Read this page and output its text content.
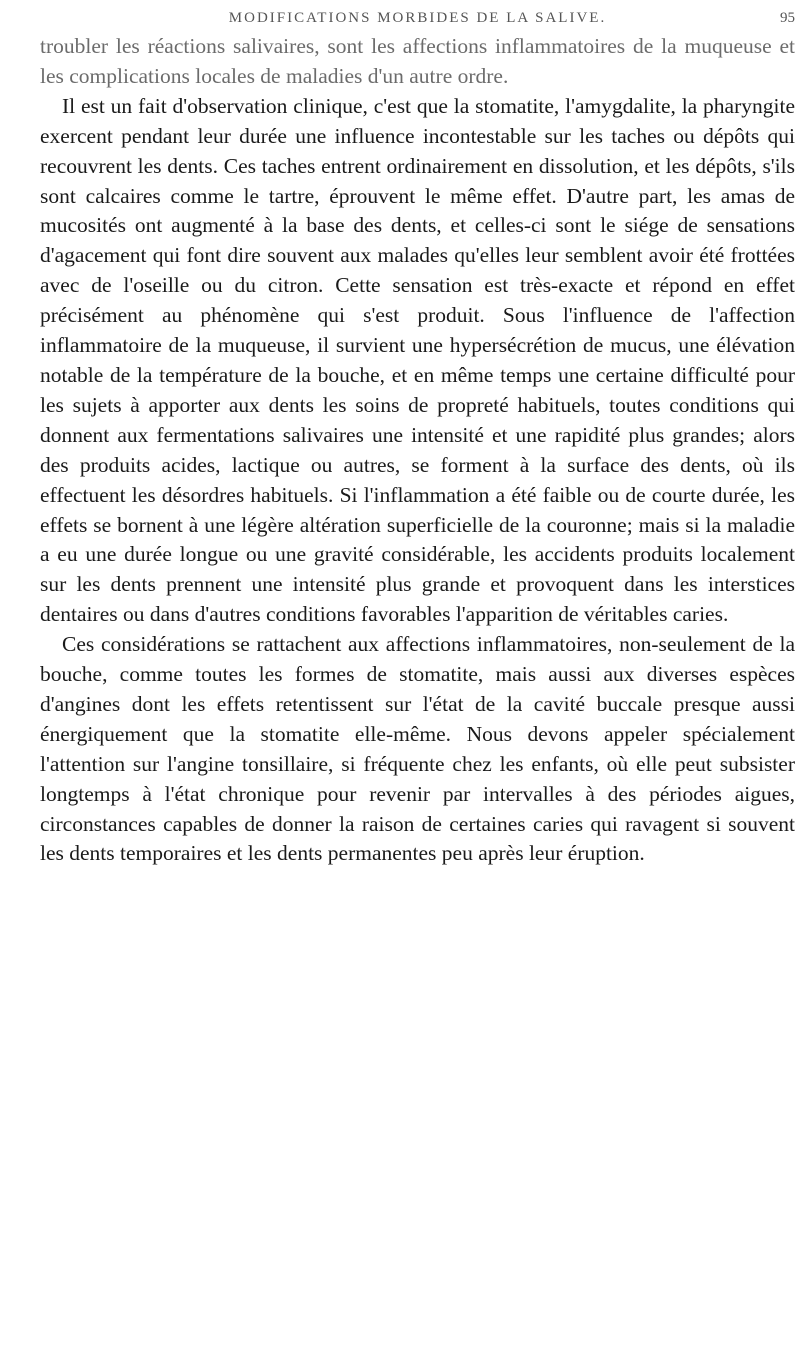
MODIFICATIONS MORBIDES DE LA SALIVE.	95

troubler les réactions salivaires, sont les affections inflammatoires de la muqueuse et les complications locales de maladies d'un autre ordre.

Il est un fait d'observation clinique, c'est que la stomatite, l'amygdalite, la pharyngite exercent pendant leur durée une influence incontestable sur les taches ou dépôts qui recouvrent les dents. Ces taches entrent ordinairement en dissolution, et les dépôts, s'ils sont calcaires comme le tartre, éprouvent le même effet. D'autre part, les amas de mucosités ont augmenté à la base des dents, et celles-ci sont le siége de sensations d'agacement qui font dire souvent aux malades qu'elles leur semblent avoir été frottées avec de l'oseille ou du citron. Cette sensation est très-exacte et répond en effet précisément au phénomène qui s'est produit. Sous l'influence de l'affection inflammatoire de la muqueuse, il survient une hypersécrétion de mucus, une élévation notable de la température de la bouche, et en même temps une certaine difficulté pour les sujets à apporter aux dents les soins de propreté habituels, toutes conditions qui donnent aux fermentations salivaires une intensité et une rapidité plus grandes; alors des produits acides, lactique ou autres, se forment à la surface des dents, où ils effectuent les désordres habituels. Si l'inflammation a été faible ou de courte durée, les effets se bornent à une légère altération superficielle de la couronne; mais si la maladie a eu une durée longue ou une gravité considérable, les accidents produits localement sur les dents prennent une intensité plus grande et provoquent dans les interstices dentaires ou dans d'autres conditions favorables l'apparition de véritables caries.

Ces considérations se rattachent aux affections inflammatoires, non-seulement de la bouche, comme toutes les formes de stomatite, mais aussi aux diverses espèces d'angines dont les effets retentissent sur l'état de la cavité buccale presque aussi énergiquement que la stomatite elle-même. Nous devons appeler spécialement l'attention sur l'angine tonsillaire, si fréquente chez les enfants, où elle peut subsister longtemps à l'état chronique pour revenir par intervalles à des périodes aigues, circonstances capables de donner la raison de certaines caries qui ravagent si souvent les dents temporaires et les dents permanentes peu après leur éruption.
